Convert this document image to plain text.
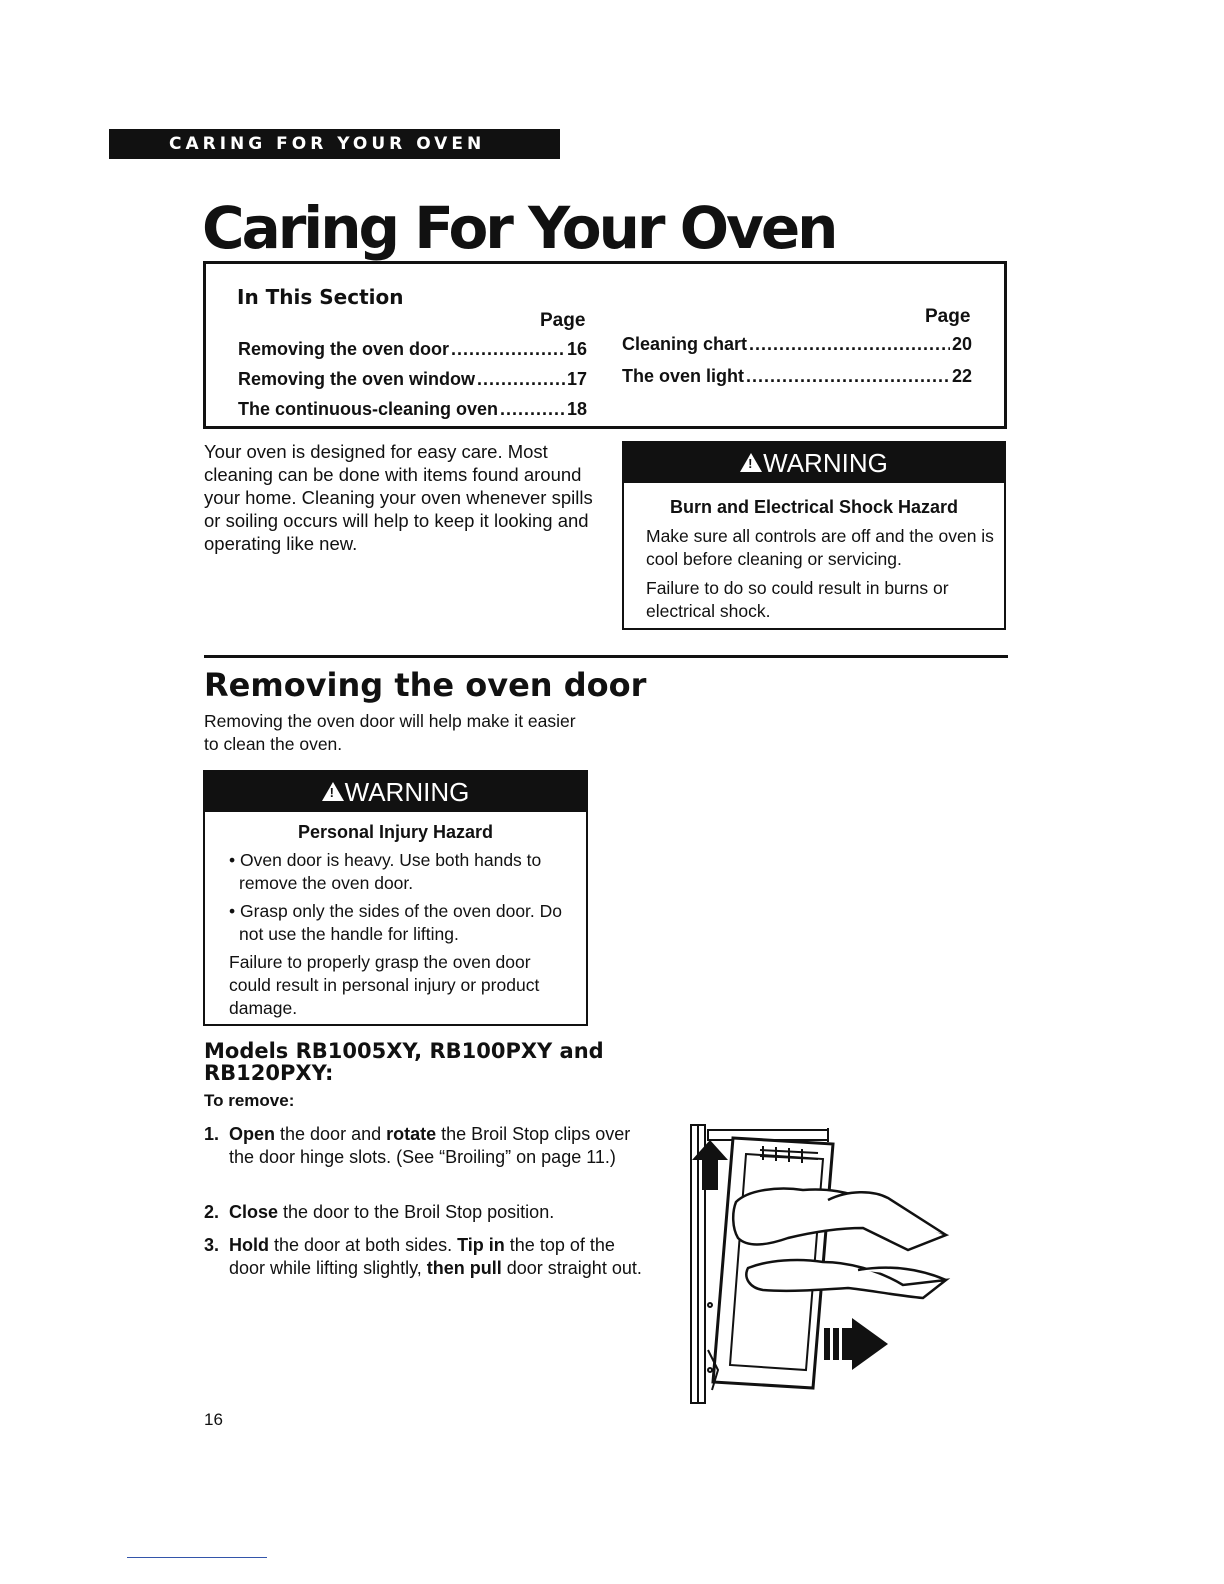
CARING FOR YOUR OVEN
Caring For Your Oven
In This Section
Page	Page
Removing the oven door .....	16
Removing the oven window .....	17
The continuous-cleaning oven .....	18
Cleaning chart .....	20
The oven light .....	22
Your oven is designed for easy care. Most cleaning can be done with items found around your home. Cleaning your oven whenever spills or soiling occurs will help to keep it looking and operating like new.
!WARNING
Burn and Electrical Shock Hazard
Make sure all controls are off and the oven is cool before cleaning or servicing.
Failure to do so could result in burns or electrical shock.
Removing the oven door
Removing the oven door will help make it easier to clean the oven.
!WARNING
Personal Injury Hazard
• Oven door is heavy. Use both hands to remove the oven door.
• Grasp only the sides of the oven door. Do not use the handle for lifting.
Failure to properly grasp the oven door could result in personal injury or product damage.
Models RB1005XY, RB100PXY and RB120PXY:
To remove:
1. Open the door and rotate the Broil Stop clips over the door hinge slots. (See “Broiling” on page 11.)
2. Close the door to the Broil Stop position.
3. Hold the door at both sides. Tip in the top of the door while lifting slightly, then pull door straight out.
16
